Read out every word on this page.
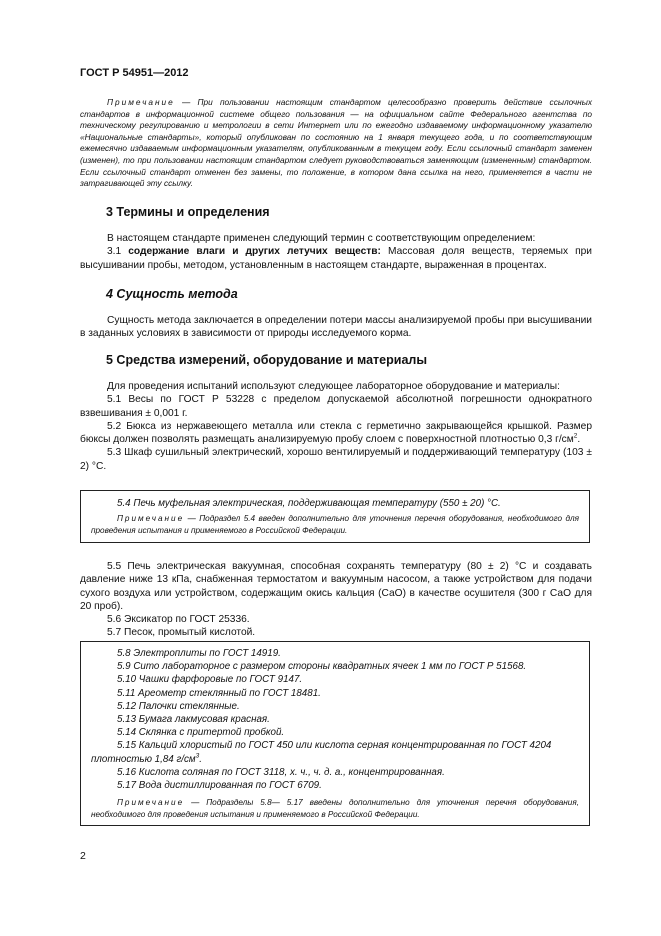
ГОСТ Р 54951—2012
Примечание — При пользовании настоящим стандартом целесообразно проверить действие ссылочных стандартов в информационной системе общего пользования — на официальном сайте Федерального агентства по техническому регулированию и метрологии в сети Интернет или по ежегодно издаваемому информационному указателю «Национальные стандарты», который опубликован по состоянию на 1 января текущего года, и по соответствующим ежемесячно издаваемым информационным указателям, опубликованным в текущем году. Если ссылочный стандарт заменен (изменен), то при пользовании настоящим стандартом следует руководствоваться заменяющим (измененным) стандартом. Если ссылочный стандарт отменен без замены, то положение, в котором дана ссылка на него, применяется в части не затрагивающей эту ссылку.
3 Термины и определения

В настоящем стандарте применен следующий термин с соответствующим определением:

3.1 содержание влаги и других летучих веществ: Массовая доля веществ, теряемых при высушивании пробы, методом, установленным в настоящем стандарте, выраженная в процентах.

4 Сущность метода

Сущность метода заключается в определении потери массы анализируемой пробы при высушивании в заданных условиях в зависимости от природы исследуемого корма.

5 Средства измерений, оборудование и материалы

Для проведения испытаний используют следующее лабораторное оборудование и материалы:

5.1 Весы по ГОСТ Р 53228 с пределом допускаемой абсолютной погрешности однократного взвешивания ± 0,001 г.

5.2 Бюкса из нержавеющего металла или стекла с герметично закрывающейся крышкой. Размер бюксы должен позволять размещать анализируемую пробу слоем с поверхностной плотностью 0,3 $г/см^2$.

5.3 Шкаф сушильный электрический, хорошо вентилируемый и поддерживающий температуру (103 ± 2) °С.

5.4 Печь муфельная электрическая, поддерживающая температуру (550 ± 20) °С.

Примечание — Подраздел 5.4 введен дополнительно для уточнения перечня оборудования, необходимого для проведения испытания и применяемого в Российской Федерации.

5.5 Печь электрическая вакуумная, способная сохранять температуру (80 ± 2) °С и создавать давление ниже 13 кПа, снабженная термостатом и вакуумным насосом, а также устройством для подачи сухого воздуха или устройством, содержащим окись кальция (СаО) в качестве осушителя (300 г СаО для 20 проб).

5.6 Эксикатор по ГОСТ 25336.

5.7 Песок, промытый кислотой.

5.8 Электроплиты по ГОСТ 14919.

5.9 Сито лабораторное с размером стороны квадратных ячеек 1 мм по ГОСТ Р 51568.

5.10 Чашки фарфоровые по ГОСТ 9147.

5.11 Ареометр стеклянный по ГОСТ 18481.

5.12 Палочки стеклянные.

5.13 Бумага лакмусовая красная.

5.14 Склянка с притертой пробкой.

5.15 Кальций хлористый по ГОСТ 450 или кислота серная концентрированная по ГОСТ 4204 плотностью 1,84 $г/см^3$.

5.16 Кислота соляная по ГОСТ 3118, х. ч., ч. д. а., концентрированная.

5.17 Вода дистиллированная по ГОСТ 6709.

Примечание — Подразделы 5.8— 5.17 введены дополнительно для уточнения перечня оборудования, необходимого для проведения испытания и применяемого в Российской Федерации.

2
